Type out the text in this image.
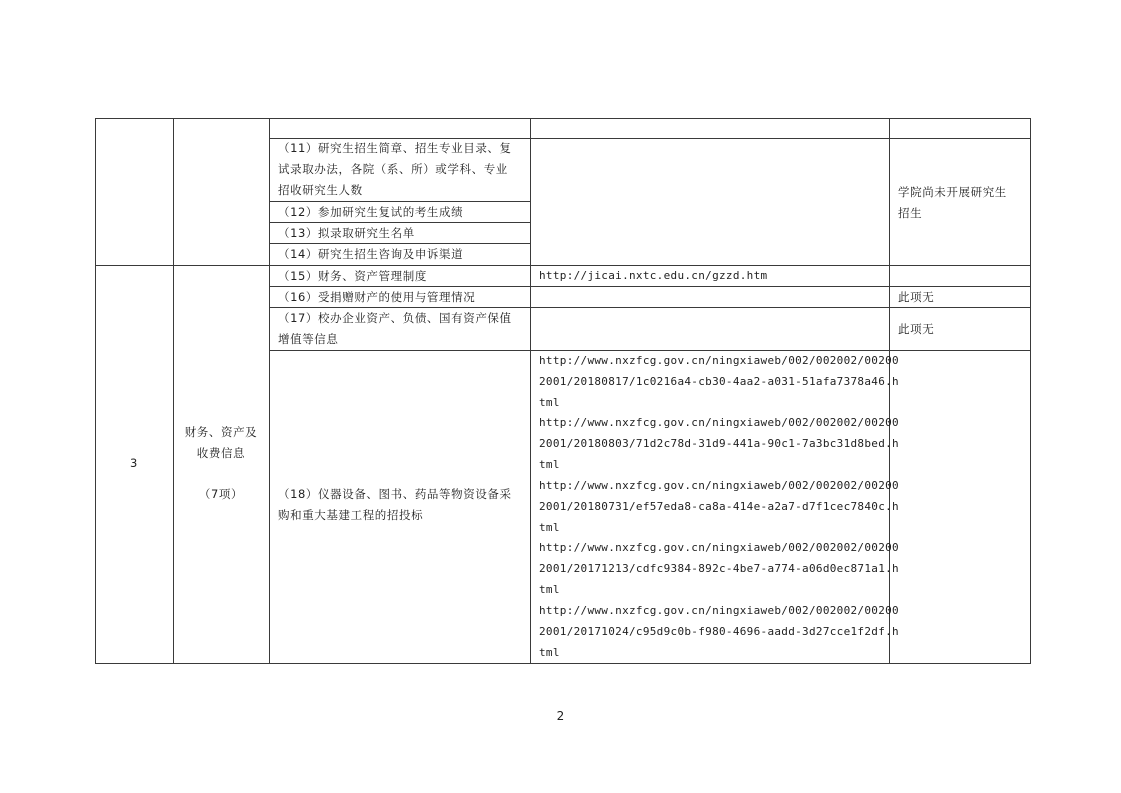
（11）研究生招生简章、招生专业目录、复
试录取办法，各院（系、所）或学科、专业
招收研究生人数
（12）参加研究生复试的考生成绩
（13）拟录取研究生名单
（14）研究生招生咨询及申诉渠道
学院尚未开展研究生
招生
3
财务、资产及
收费信息
（7项）
（15）财务、资产管理制度	http://jicai.nxtc.edu.cn/gzzd.htm
（16）受捐赠财产的使用与管理情况	此项无
（17）校办企业资产、负债、国有资产保值
增值等信息
此项无
（18）仪器设备、图书、药品等物资设备采
购和重大基建工程的招投标
http://www.nxzfcg.gov.cn/ningxiaweb/002/002002/00200
2001/20180817/1c0216a4-cb30-4aa2-a031-51afa7378a46.h
tml
http://www.nxzfcg.gov.cn/ningxiaweb/002/002002/00200
2001/20180803/71d2c78d-31d9-441a-90c1-7a3bc31d8bed.h
tml
http://www.nxzfcg.gov.cn/ningxiaweb/002/002002/00200
2001/20180731/ef57eda8-ca8a-414e-a2a7-d7f1cec7840c.h
tml
http://www.nxzfcg.gov.cn/ningxiaweb/002/002002/00200
2001/20171213/cdfc9384-892c-4be7-a774-a06d0ec871a1.h
tml
http://www.nxzfcg.gov.cn/ningxiaweb/002/002002/00200
2001/20171024/c95d9c0b-f980-4696-aadd-3d27cce1f2df.h
tml
2
